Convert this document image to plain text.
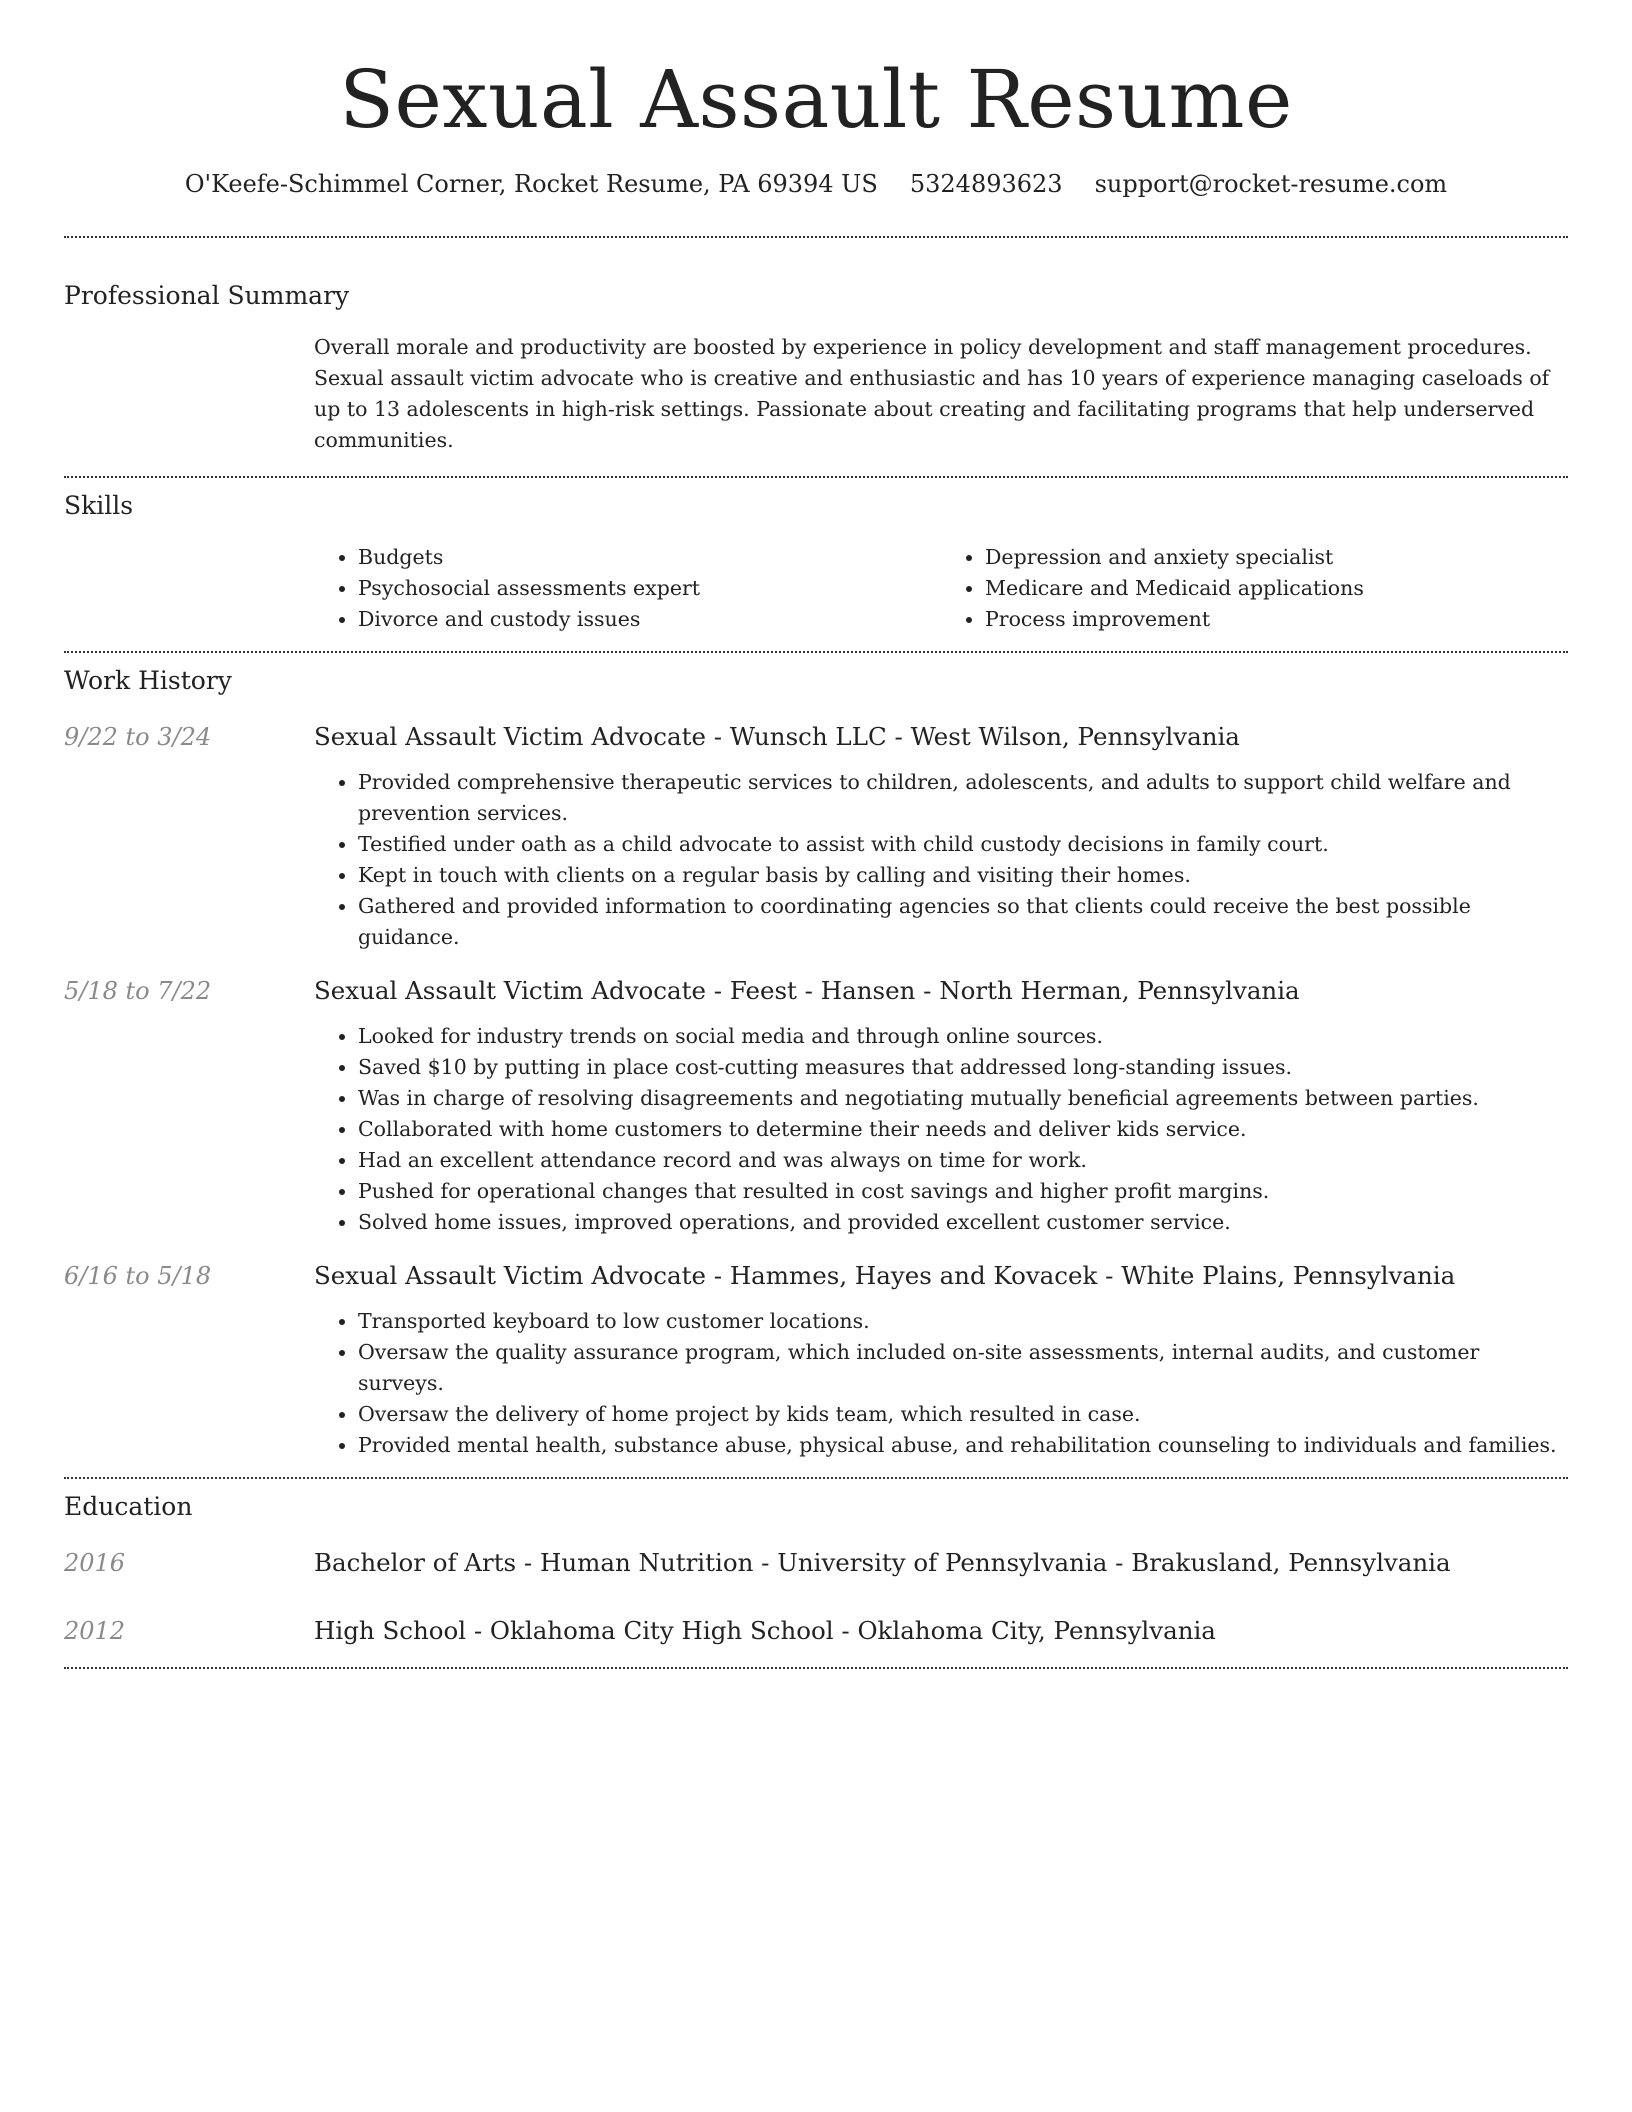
Sexual Assault Resume
O'Keefe-Schimmel Corner, Rocket Resume, PA 69394 US 5324893623 support@rocket-resume.com
Professional Summary
Overall morale and productivity are boosted by experience in policy development and staff management procedures. Sexual assault victim advocate who is creative and enthusiastic and has 10 years of experience managing caseloads of up to 13 adolescents in high-risk settings. Passionate about creating and facilitating programs that help underserved communities.
Skills
• Budgets
• Psychosocial assessments expert
• Divorce and custody issues
• Depression and anxiety specialist
• Medicare and Medicaid applications
• Process improvement
Work History
9/22 to 3/24	Sexual Assault Victim Advocate - Wunsch LLC - West Wilson, Pennsylvania
• Provided comprehensive therapeutic services to children, adolescents, and adults to support child welfare and prevention services.
• Testified under oath as a child advocate to assist with child custody decisions in family court.
• Kept in touch with clients on a regular basis by calling and visiting their homes.
• Gathered and provided information to coordinating agencies so that clients could receive the best possible guidance.
5/18 to 7/22	Sexual Assault Victim Advocate - Feest - Hansen - North Herman, Pennsylvania
• Looked for industry trends on social media and through online sources.
• Saved $10 by putting in place cost-cutting measures that addressed long-standing issues.
• Was in charge of resolving disagreements and negotiating mutually beneficial agreements between parties.
• Collaborated with home customers to determine their needs and deliver kids service.
• Had an excellent attendance record and was always on time for work.
• Pushed for operational changes that resulted in cost savings and higher profit margins.
• Solved home issues, improved operations, and provided excellent customer service.
6/16 to 5/18	Sexual Assault Victim Advocate - Hammes, Hayes and Kovacek - White Plains, Pennsylvania
• Transported keyboard to low customer locations.
• Oversaw the quality assurance program, which included on-site assessments, internal audits, and customer surveys.
• Oversaw the delivery of home project by kids team, which resulted in case.
• Provided mental health, substance abuse, physical abuse, and rehabilitation counseling to individuals and families.
Education
2016	Bachelor of Arts - Human Nutrition - University of Pennsylvania - Brakusland, Pennsylvania
2012	High School - Oklahoma City High School - Oklahoma City, Pennsylvania
